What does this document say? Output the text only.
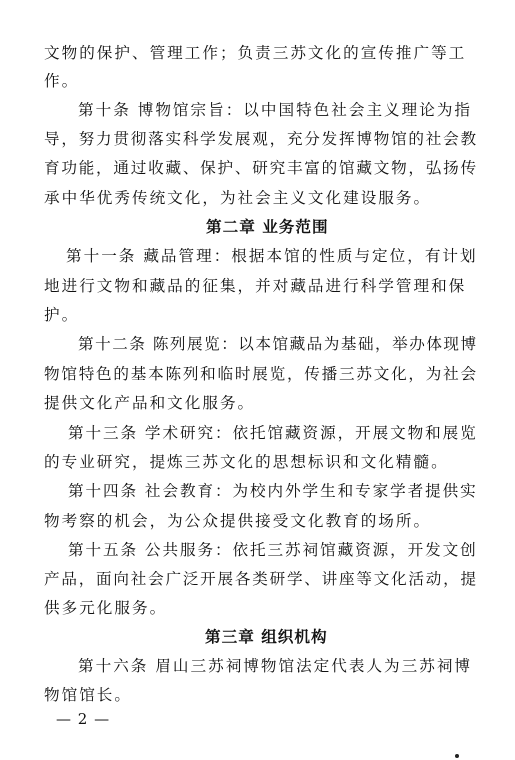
文物的保护、管理工作；负责三苏文化的宣传推广等工
作。
第十条 博物馆宗旨：以中国特色社会主义理论为指
导，努力贯彻落实科学发展观，充分发挥博物馆的社会教
育功能，通过收藏、保护、研究丰富的馆藏文物，弘扬传
承中华优秀传统文化，为社会主义文化建设服务。
第二章 业务范围
第十一条 藏品管理：根据本馆的性质与定位，有计划
地进行文物和藏品的征集，并对藏品进行科学管理和保
护。
第十二条 陈列展览：以本馆藏品为基础，举办体现博
物馆特色的基本陈列和临时展览，传播三苏文化，为社会
提供文化产品和文化服务。
第十三条 学术研究：依托馆藏资源，开展文物和展览
的专业研究，提炼三苏文化的思想标识和文化精髓。
第十四条 社会教育：为校内外学生和专家学者提供实
物考察的机会，为公众提供接受文化教育的场所。
第十五条 公共服务：依托三苏祠馆藏资源，开发文创
产品，面向社会广泛开展各类研学、讲座等文化活动，提
供多元化服务。
第三章 组织机构
第十六条 眉山三苏祠博物馆法定代表人为三苏祠博
物馆馆长。
— 2 —
